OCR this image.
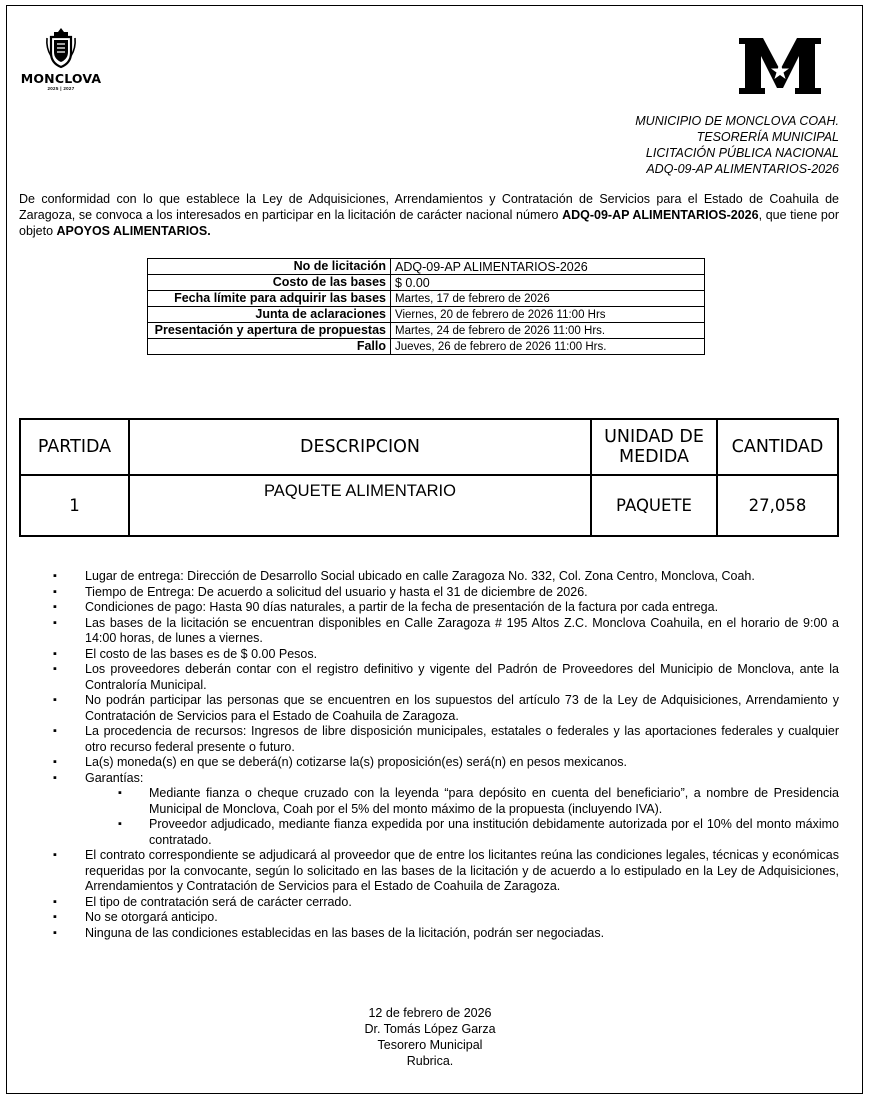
MONCLOVA
2025 | 2027
MUNICIPIO DE MONCLOVA COAH.
TESORERÍA MUNICIPAL
LICITACIÓN PÚBLICA NACIONAL
ADQ-09-AP ALIMENTARIOS-2026
De conformidad con lo que establece la Ley de Adquisiciones, Arrendamientos y Contratación de Servicios para el Estado de Coahuila de Zaragoza, se convoca a los interesados en participar en la licitación de carácter nacional número ADQ-09-AP ALIMENTARIOS-2026, que tiene por objeto APOYOS ALIMENTARIOS.
No de licitación	ADQ-09-AP ALIMENTARIOS-2026
Costo de las bases	$ 0.00
Fecha límite para adquirir las bases	Martes, 17 de febrero de 2026
Junta de aclaraciones	Viernes, 20 de febrero de 2026 11:00 Hrs
Presentación y apertura de propuestas	Martes, 24 de febrero de 2026 11:00 Hrs.
Fallo	Jueves, 26 de febrero de 2026 11:00 Hrs.
PARTIDA	DESCRIPCION	UNIDAD DE MEDIDA	CANTIDAD
1	PAQUETE ALIMENTARIO	PAQUETE	27,058
▪ Lugar de entrega: Dirección de Desarrollo Social ubicado en calle Zaragoza No. 332, Col. Zona Centro, Monclova, Coah.
▪ Tiempo de Entrega: De acuerdo a solicitud del usuario y hasta el 31 de diciembre de 2026.
▪ Condiciones de pago: Hasta 90 días naturales, a partir de la fecha de presentación de la factura por cada entrega.
▪ Las bases de la licitación se encuentran disponibles en Calle Zaragoza # 195 Altos Z.C. Monclova Coahuila, en el horario de 9:00 a 14:00 horas, de lunes a viernes.
▪ El costo de las bases es de $ 0.00 Pesos.
▪ Los proveedores deberán contar con el registro definitivo y vigente del Padrón de Proveedores del Municipio de Monclova, ante la Contraloría Municipal.
▪ No podrán participar las personas que se encuentren en los supuestos del artículo 73 de la Ley de Adquisiciones, Arrendamiento y Contratación de Servicios para el Estado de Coahuila de Zaragoza.
▪ La procedencia de recursos: Ingresos de libre disposición municipales, estatales o federales y las aportaciones federales y cualquier otro recurso federal presente o futuro.
▪ La(s) moneda(s) en que se deberá(n) cotizarse la(s) proposición(es) será(n) en pesos mexicanos.
▪ Garantías:
▪ Mediante fianza o cheque cruzado con la leyenda “para depósito en cuenta del beneficiario”, a nombre de Presidencia Municipal de Monclova, Coah por el 5% del monto máximo de la propuesta (incluyendo IVA).
▪ Proveedor adjudicado, mediante fianza expedida por una institución debidamente autorizada por el 10% del monto máximo contratado.
▪ El contrato correspondiente se adjudicará al proveedor que de entre los licitantes reúna las condiciones legales, técnicas y económicas requeridas por la convocante, según lo solicitado en las bases de la licitación y de acuerdo a lo estipulado en la Ley de Adquisiciones, Arrendamientos y Contratación de Servicios para el Estado de Coahuila de Zaragoza.
▪ El tipo de contratación será de carácter cerrado.
▪ No se otorgará anticipo.
▪ Ninguna de las condiciones establecidas en las bases de la licitación, podrán ser negociadas.
12 de febrero de 2026
Dr. Tomás López Garza
Tesorero Municipal
Rubrica.
